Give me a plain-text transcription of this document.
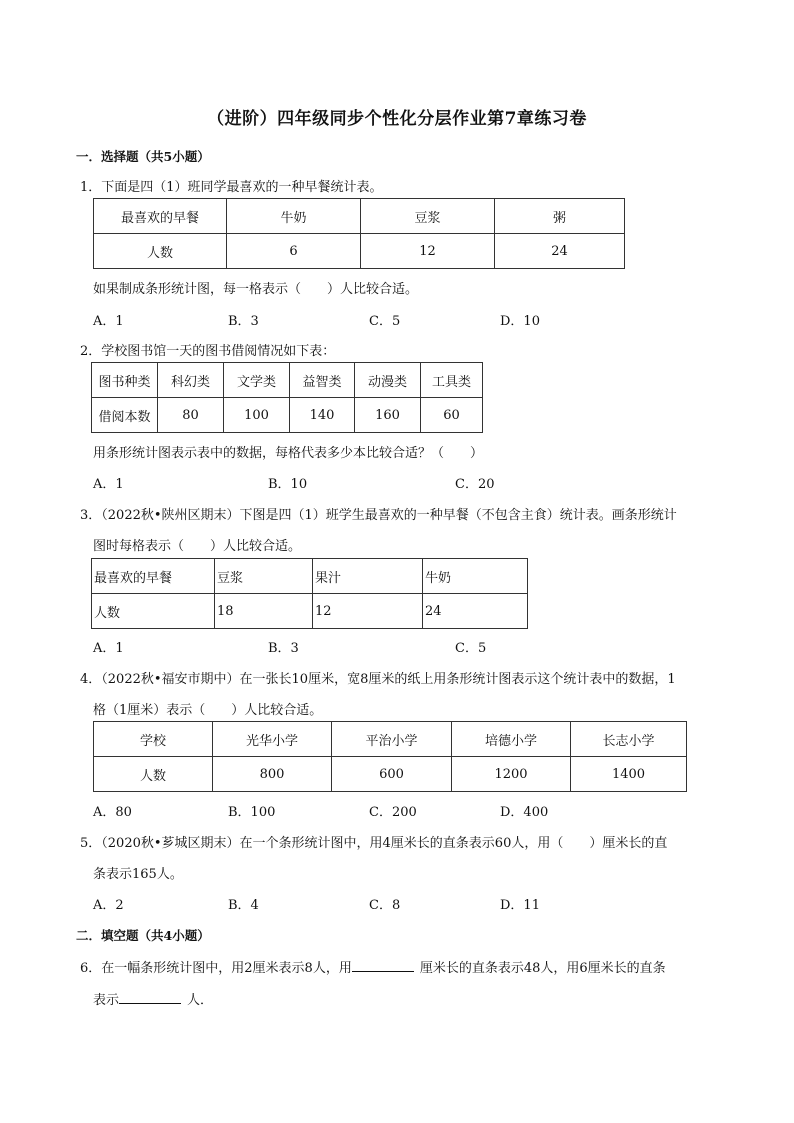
（进阶）四年级同步个性化分层作业第7章练习卷
一．选择题（共5小题）
1．下面是四（1）班同学最喜欢的一种早餐统计表。
最喜欢的早餐	牛奶	豆浆	粥
人数	6	12	24
如果制成条形统计图，每一格表示（　　）人比较合适。
A．1	B．3	C．5	D．10
2．学校图书馆一天的图书借阅情况如下表：
图书种类	科幻类	文学类	益智类	动漫类	工具类
借阅本数	80	100	140	160	60
用条形统计图表示表中的数据，每格代表多少本比较合适？（　　）
A．1	B．10	C．20
3．（2022秋•陕州区期末）下图是四（1）班学生最喜欢的一种早餐（不包含主食）统计表。画条形统计
图时每格表示（　　）人比较合适。
最喜欢的早餐	豆浆	果汁	牛奶
人数	18	12	24
A．1	B．3	C．5
4．（2022秋•福安市期中）在一张长10厘米，宽8厘米的纸上用条形统计图表示这个统计表中的数据，1
格（1厘米）表示（　　）人比较合适。
学校	光华小学	平治小学	培德小学	长志小学
人数	800	600	1200	1400
A．80	B．100	C．200	D．400
5．（2020秋•芗城区期末）在一个条形统计图中，用4厘米长的直条表示60人，用（　　）厘米长的直
条表示165人。
A．2	B．4	C．8	D．11
二．填空题（共4小题）
6．在一幅条形统计图中，用2厘米表示8人，用	厘米长的直条表示48人，用6厘米长的直条
表示	人．
